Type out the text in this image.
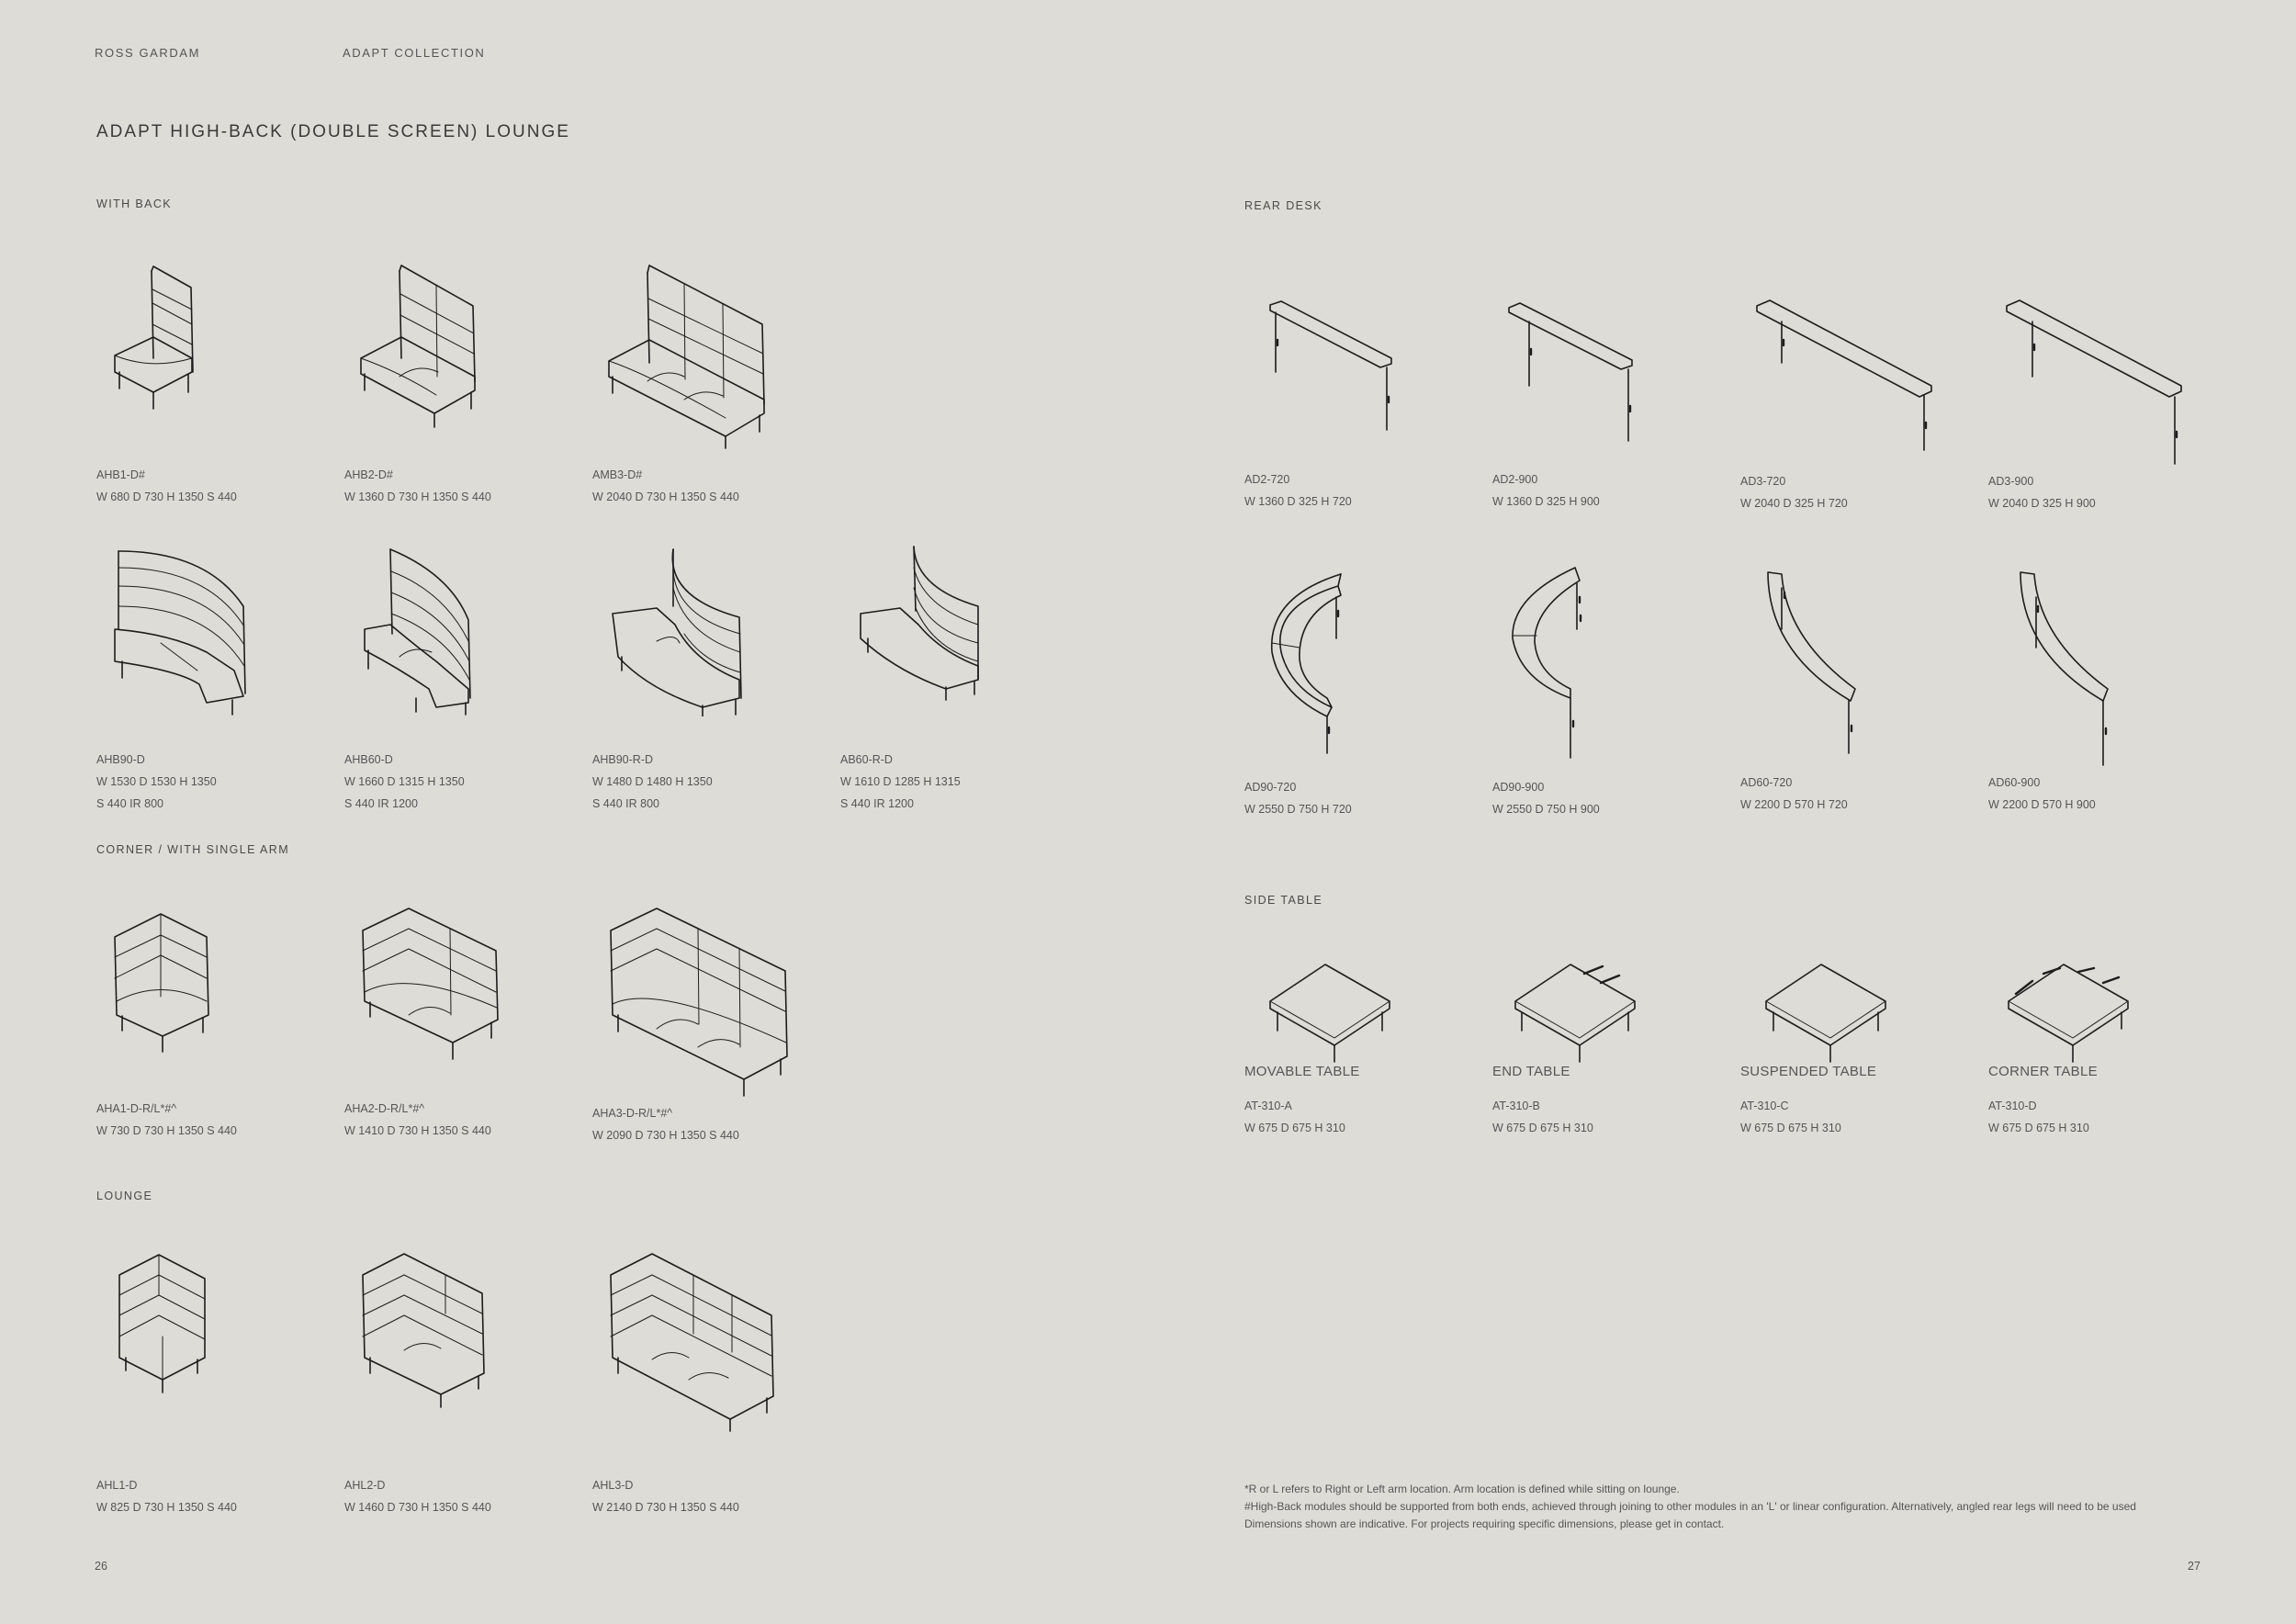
ROSS GARDAM	ADAPT COLLECTION
ADAPT HIGH-BACK (DOUBLE SCREEN) LOUNGE
WITH BACK
CORNER / WITH SINGLE ARM
LOUNGE
REAR DESK
SIDE TABLE
AHB1-D#
W 680 D 730 H 1350 S 440
AHB2-D#
W 1360 D 730 H 1350 S 440
AMB3-D#
W 2040 D 730 H 1350 S 440
AHB90-D
W 1530 D 1530 H 1350
S 440 IR 800
AHB60-D
W 1660 D 1315 H 1350
S 440 IR 1200
AHB90-R-D
W 1480 D 1480 H 1350
S 440 IR 800
AB60-R-D
W 1610 D 1285 H 1315
S 440 IR 1200
AHA1-D-R/L*#^
W 730 D 730 H 1350 S 440
AHA2-D-R/L*#^
W 1410 D 730 H 1350 S 440
AHA3-D-R/L*#^
W 2090 D 730 H 1350 S 440
AHL1-D
W 825 D 730 H 1350 S 440
AHL2-D
W 1460 D 730 H 1350 S 440
AHL3-D
W 2140 D 730 H 1350 S 440
AD2-720
W 1360 D 325 H 720
AD2-900
W 1360 D 325 H 900
AD3-720
W 2040 D 325 H 720
AD3-900
W 2040 D 325 H 900
AD90-720
W 2550 D 750 H 720
AD90-900
W 2550 D 750 H 900
AD60-720
W 2200 D 570 H 720
AD60-900
W 2200 D 570 H 900
MOVABLE TABLE
AT-310-A
W 675 D 675 H 310
END TABLE
AT-310-B
W 675 D 675 H 310
SUSPENDED TABLE
AT-310-C
W 675 D 675 H 310
CORNER TABLE
AT-310-D
W 675 D 675 H 310
*R or L refers to Right or Left arm location. Arm location is defined while sitting on lounge.
#High-Back modules should be supported from both ends, achieved through joining to other modules in an 'L' or linear configuration. Alternatively, angled rear legs will need to be used
Dimensions shown are indicative. For projects requiring specific dimensions, please get in contact.
26	27
